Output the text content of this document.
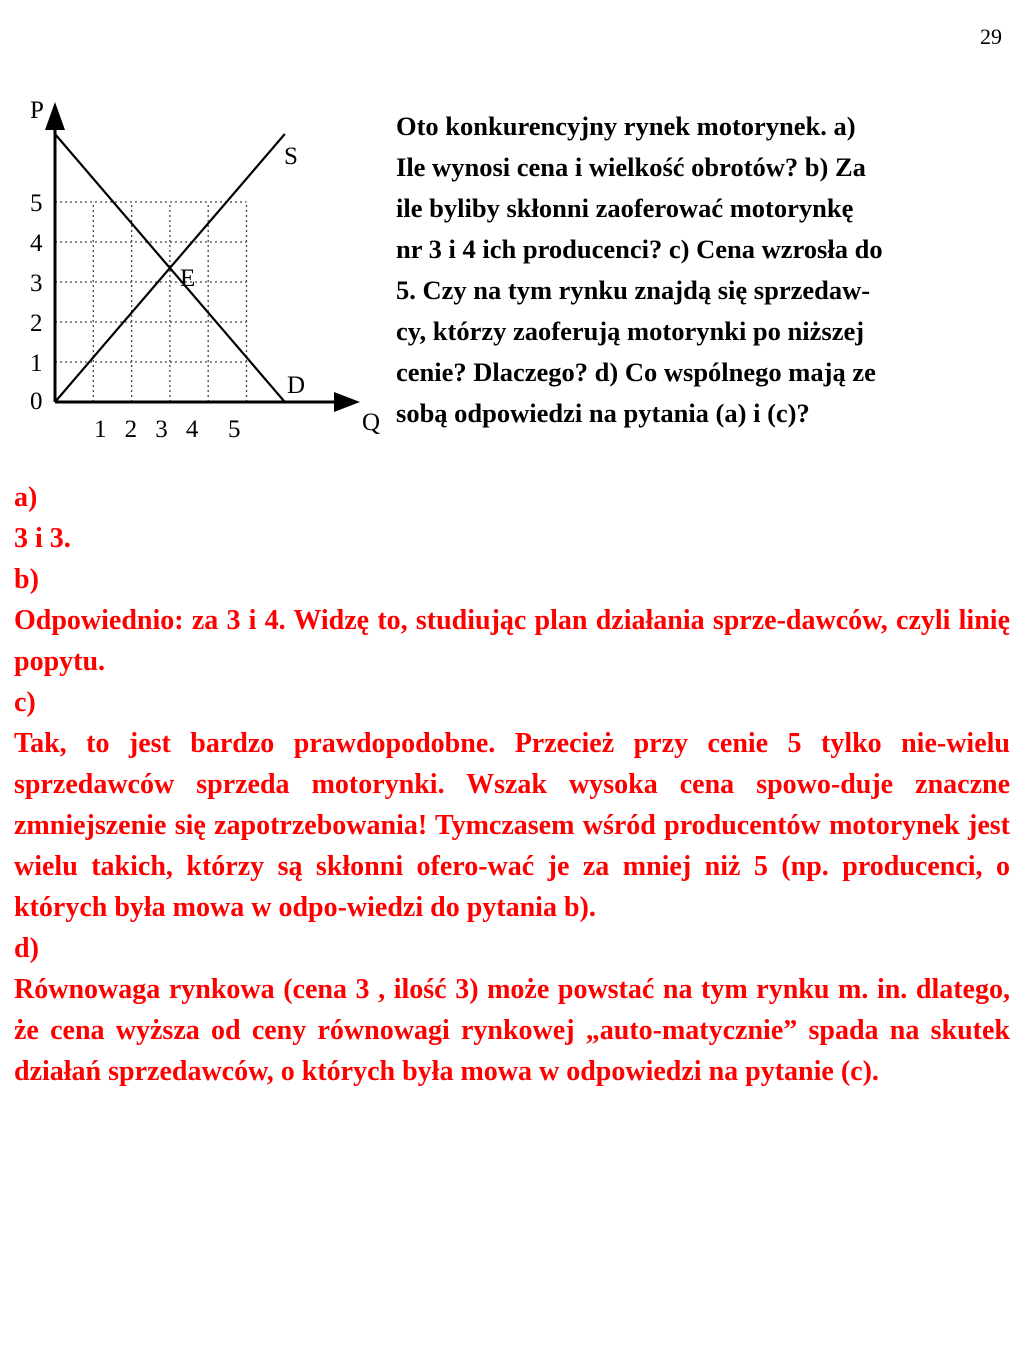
29
P
Q
0
S
D
E
1
2
3
4
5
1 2 3 4 5
Oto konkurencyjny rynek motorynek. a)
Ile wynosi cena i wielkość obrotów? b) Za
ile byliby skłonni zaoferować motorynkę
nr 3 i 4 ich producenci? c) Cena wzrosła do
5. Czy na tym rynku znajdą się sprzedaw-
cy, którzy zaoferują motorynki po niższej
cenie? Dlaczego? d) Co wspólnego mają ze
sobą odpowiedzi na pytania (a) i (c)?

a)

3 i 3.

b)

Odpowiednio: za 3 i 4. Widzę to, studiując plan działania sprze-dawców, czyli linię popytu.

c)

Tak, to jest bardzo prawdopodobne. Przecież przy cenie 5 tylko nie-wielu sprzedawców sprzeda motorynki. Wszak wysoka cena spowo-duje znaczne zmniejszenie się zapotrzebowania! Tymczasem wśród producentów motorynek jest wielu takich, którzy są skłonni ofero-wać je za mniej niż 5 (np. producenci, o których była mowa w odpo-wiedzi do pytania b).

d)

Równowaga rynkowa (cena 3 , ilość 3) może powstać na tym rynku m. in. dlatego, że cena wyższa od ceny równowagi rynkowej „auto-matycznie” spada na skutek działań sprzedawców, o których była mowa w odpowiedzi na pytanie (c).
